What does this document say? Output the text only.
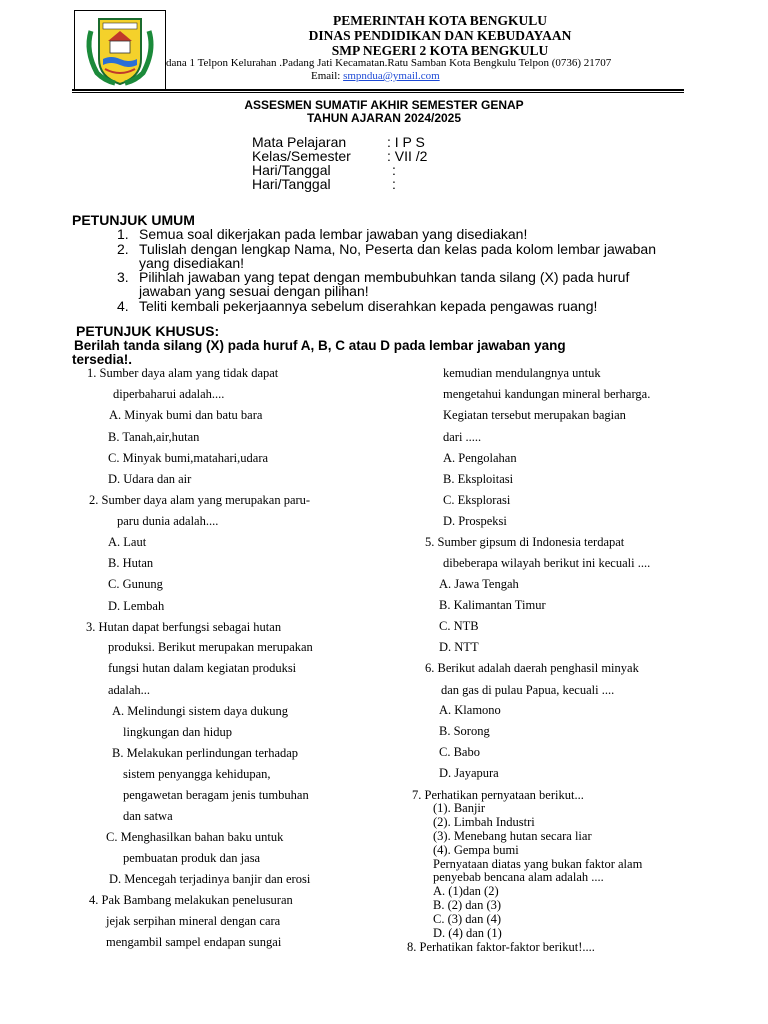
PEMERINTAH KOTA BENGKULU
DINAS PENDIDIKAN DAN KEBUDAYAAN
SMP NEGERI 2 KOTA BENGKULU
dana 1 Telpon Kelurahan .Padang Jati Kecamatan.Ratu Samban Kota Bengkulu Telpon (0736) 21707
Email: smpndua@ymail.com
ASSESMEN SUMATIF AKHIR SEMESTER GENAP
TAHUN AJARAN 2024/2025
Mata Pelajaran	: I P S
Kelas/Semester	: VII /2
Hari/Tanggal	:
Hari/Tanggal	:
PETUNJUK UMUM
1. Semua soal dikerjakan pada lembar jawaban yang disediakan!
2. Tulislah dengan lengkap Nama, No, Peserta dan kelas pada kolom lembar jawaban
yang disediakan!
3. Pilihlah jawaban yang tepat dengan membubuhkan tanda silang (X) pada huruf
jawaban yang sesuai dengan pilihan!
4. Teliti kembali pekerjaannya sebelum diserahkan kepada pengawas ruang!
PETUNJUK KHUSUS:
Berilah tanda silang (X) pada huruf A, B, C atau D pada lembar jawaban yang
tersedia!.
1. Sumber daya alam yang tidak dapat
diperbaharui adalah....
A. Minyak bumi dan batu bara
B. Tanah,air,hutan
C. Minyak bumi,matahari,udara
D. Udara dan air
2. Sumber daya alam yang merupakan paru-
paru dunia adalah....
A. Laut
B. Hutan
C. Gunung
D. Lembah
3. Hutan dapat berfungsi sebagai hutan
produksi. Berikut merupakan merupakan
fungsi hutan dalam kegiatan produksi
adalah...
A. Melindungi sistem daya dukung
lingkungan dan hidup
B. Melakukan perlindungan terhadap
sistem penyangga kehidupan,
pengawetan beragam jenis tumbuhan
dan satwa
C. Menghasilkan bahan baku untuk
pembuatan produk dan jasa
D. Mencegah terjadinya banjir dan erosi
4. Pak Bambang melakukan penelusuran
jejak serpihan mineral dengan cara
mengambil sampel endapan sungai
kemudian mendulangnya untuk
mengetahui kandungan mineral berharga.
Kegiatan tersebut merupakan bagian
dari .....
A. Pengolahan
B. Eksploitasi
C. Eksplorasi
D. Prospeksi
5. Sumber gipsum di Indonesia terdapat
dibeberapa wilayah berikut ini kecuali ....
A. Jawa Tengah
B. Kalimantan Timur
C. NTB
D. NTT
6. Berikut adalah daerah penghasil minyak
dan gas di pulau Papua, kecuali ....
A. Klamono
B. Sorong
C. Babo
D. Jayapura
7. Perhatikan pernyataan berikut...
(1). Banjir
(2). Limbah Industri
(3). Menebang hutan secara liar
(4). Gempa bumi
Pernyataan diatas yang bukan faktor alam
penyebab bencana alam adalah ....
A. (1)dan (2)
B. (2) dan (3)
C. (3) dan (4)
D. (4) dan (1)
8. Perhatikan faktor-faktor berikut!....
